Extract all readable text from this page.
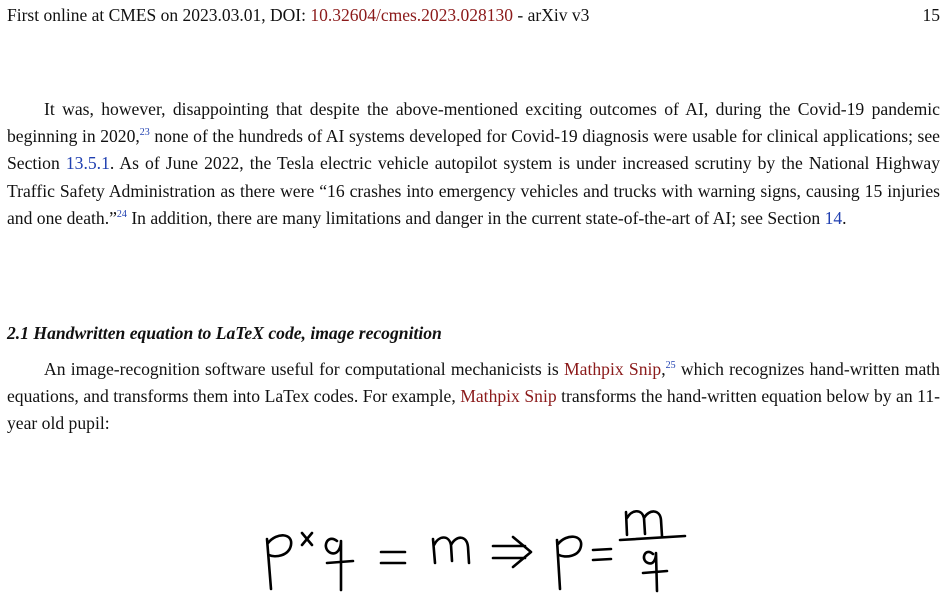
First online at CMES on 2023.03.01, DOI: 10.32604/cmes.2023.028130 - arXiv v3	15

It was, however, disappointing that despite the above-mentioned exciting outcomes of AI, during the Covid-19 pandemic beginning in 2020,23 none of the hundreds of AI systems developed for Covid-19 diagnosis were usable for clinical applications; see Section 13.5.1. As of June 2022, the Tesla electric vehicle autopilot system is under increased scrutiny by the National Highway Traffic Safety Administration as there were “16 crashes into emergency vehicles and trucks with warning signs, causing 15 injuries and one death.”$^{24}$ In addition, there are many limitations and danger in the current state-of-the-art of AI; see Section 14.

2.1 Handwritten equation to LaTeX code, image recognition

An image-recognition software useful for computational mechanicists is Mathpix Snip,$^{25}$ which recognizes hand-written math equations, and transforms them into LaTex codes. For example, Mathpix Snip transforms the hand-written equation below by an 11-year old pupil:
